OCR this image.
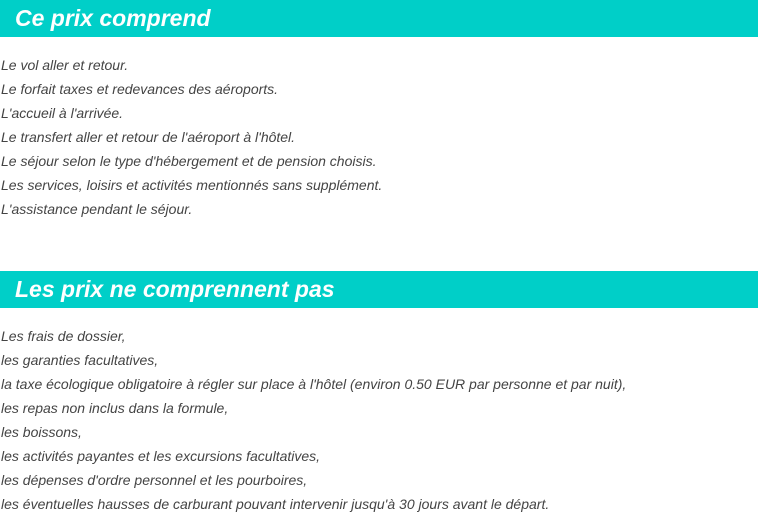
Ce prix comprend
Le vol aller et retour.
Le forfait taxes et redevances des aéroports.
L'accueil à l'arrivée.
Le transfert aller et retour de l'aéroport à l'hôtel.
Le séjour selon le type d'hébergement et de pension choisis.
Les services, loisirs et activités mentionnés sans supplément.
L'assistance pendant le séjour.
Les prix ne comprennent pas
Les frais de dossier,
les garanties facultatives,
la taxe écologique obligatoire à régler sur place à l'hôtel (environ 0.50 EUR par personne et par nuit),
les repas non inclus dans la formule,
les boissons,
les activités payantes et les excursions facultatives,
les dépenses d'ordre personnel et les pourboires,
les éventuelles hausses de carburant pouvant intervenir jusqu'à 30 jours avant le départ.
